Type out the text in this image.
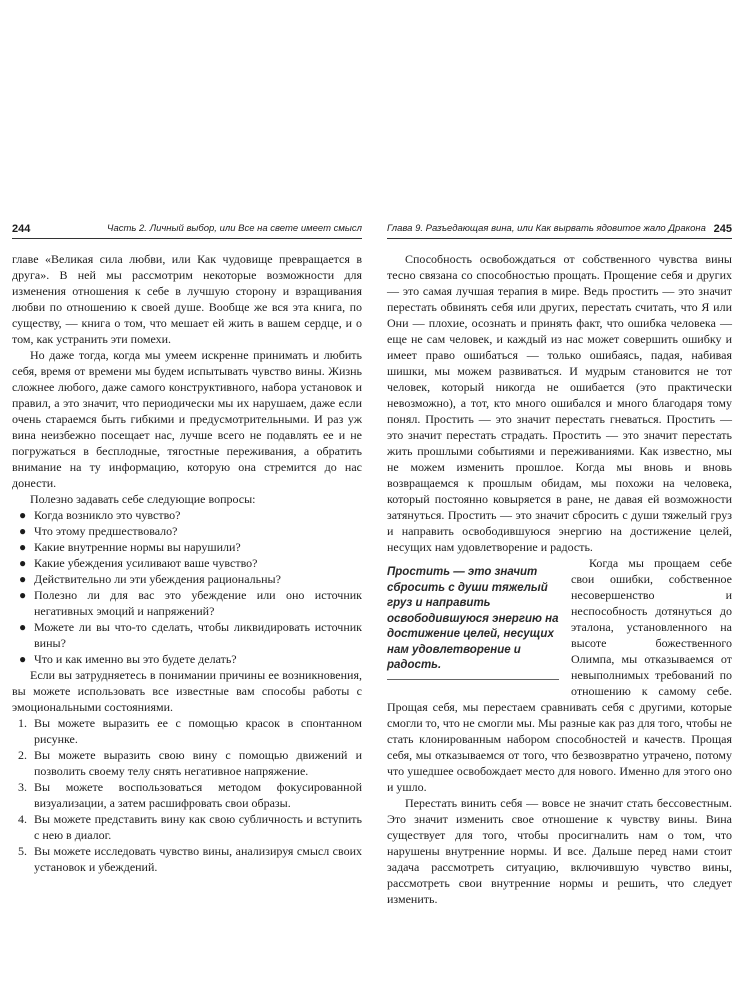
244	Часть 2. Личный выбор, или Все на свете имеет смысл

главе «Великая сила любви, или Как чудовище превращается в друга». В ней мы рассмотрим некоторые возможности для изменения отношения к себе в лучшую сторону и взращивания любви по отношению к своей душе. Вообще же вся эта книга, по существу, — книга о том, что мешает ей жить в вашем сердце, и о том, как устранить эти помехи.

Но даже тогда, когда мы умеем искренне принимать и любить себя, время от времени мы будем испытывать чувство вины. Жизнь сложнее любого, даже самого конструктивного, набора установок и правил, а это значит, что периодически мы их нарушаем, даже если очень стараемся быть гибкими и предусмотрительными. И раз уж вина неизбежно посещает нас, лучше всего не подавлять ее и не погружаться в бесплодные, тягостные переживания, а обратить внимание на ту информацию, которую она стремится до нас донести.

Полезно задавать себе следующие вопросы:

● Когда возникло это чувство?
● Что этому предшествовало?
● Какие внутренние нормы вы нарушили?
● Какие убеждения усиливают ваше чувство?
● Действительно ли эти убеждения рациональны?
● Полезно ли для вас это убеждение или оно источник негативных эмоций и напряжений?
● Можете ли вы что-то сделать, чтобы ликвидировать источник вины?
● Что и как именно вы это будете делать?

Если вы затрудняетесь в понимании причины ее возникновения, вы можете использовать все известные вам способы работы с эмоциональными состояниями.

1. Вы можете выразить ее с помощью красок в спонтанном рисунке.
2. Вы можете выразить свою вину с помощью движений и позволить своему телу снять негативное напряжение.
3. Вы можете воспользоваться методом фокусированной визуализации, а затем расшифровать свои образы.
4. Вы можете представить вину как свою субличность и вступить с нею в диалог.
5. Вы можете исследовать чувство вины, анализируя смысл своих установок и убеждений.
Глава 9. Разъедающая вина, или Как вырвать ядовитое жало Дракона 245

Способность освобождаться от собственного чувства вины тесно связана со способностью прощать. Прощение себя и других — это самая лучшая терапия в мире. Ведь простить — это значит перестать обвинять себя или других, перестать считать, что Я или Они — плохие, осознать и принять факт, что ошибка человека — еще не сам человек, и каждый из нас может совершить ошибку и имеет право ошибаться — только ошибаясь, падая, набивая шишки, мы можем развиваться. И мудрым становится не тот человек, который никогда не ошибается (это практически невозможно), а тот, кто много ошибался и много благодаря тому понял. Простить — это значит перестать гневаться. Простить — это значит перестать страдать. Простить — это значит перестать жить прошлыми событиями и переживаниями. Как известно, мы не можем изменить прошлое. Когда мы вновь и вновь возвращаемся к прошлым обидам, мы похожи на человека, который постоянно ковыряется в ране, не давая ей возможности затянуться. Простить — это значит сбросить с души тяжелый груз и направить освободившуюся энергию на достижение целей, несущих нам удовлетворение и радость.

Простить — это значит сбросить с души тяжелый груз и направить освободившуюся энергию на достижение целей, несущих нам удовлетворение и радость.

Когда мы прощаем себе свои ошибки, собственное несовершенство и неспособность дотянуться до эталона, установленного на высоте божественного Олимпа, мы отказываемся от невыполнимых требований по отношению к самому себе. Прощая себя, мы перестаем сравнивать себя с другими, которые смогли то, что не смогли мы. Мы разные как раз для того, чтобы не стать клонированным набором способностей и качеств. Прощая себя, мы отказываемся от того, что безвозвратно утрачено, потому что ушедшее освобождает место для нового. Именно для этого оно и ушло.

Перестать винить себя — вовсе не значит стать бессовестным. Это значит изменить свое отношение к чувству вины. Вина существует для того, чтобы просигналить нам о том, что нарушены внутренние нормы. И все. Дальше перед нами стоит задача рассмотреть ситуацию, включившую чувство вины, рассмотреть свои внутренние нормы и решить, что следует изменить.
